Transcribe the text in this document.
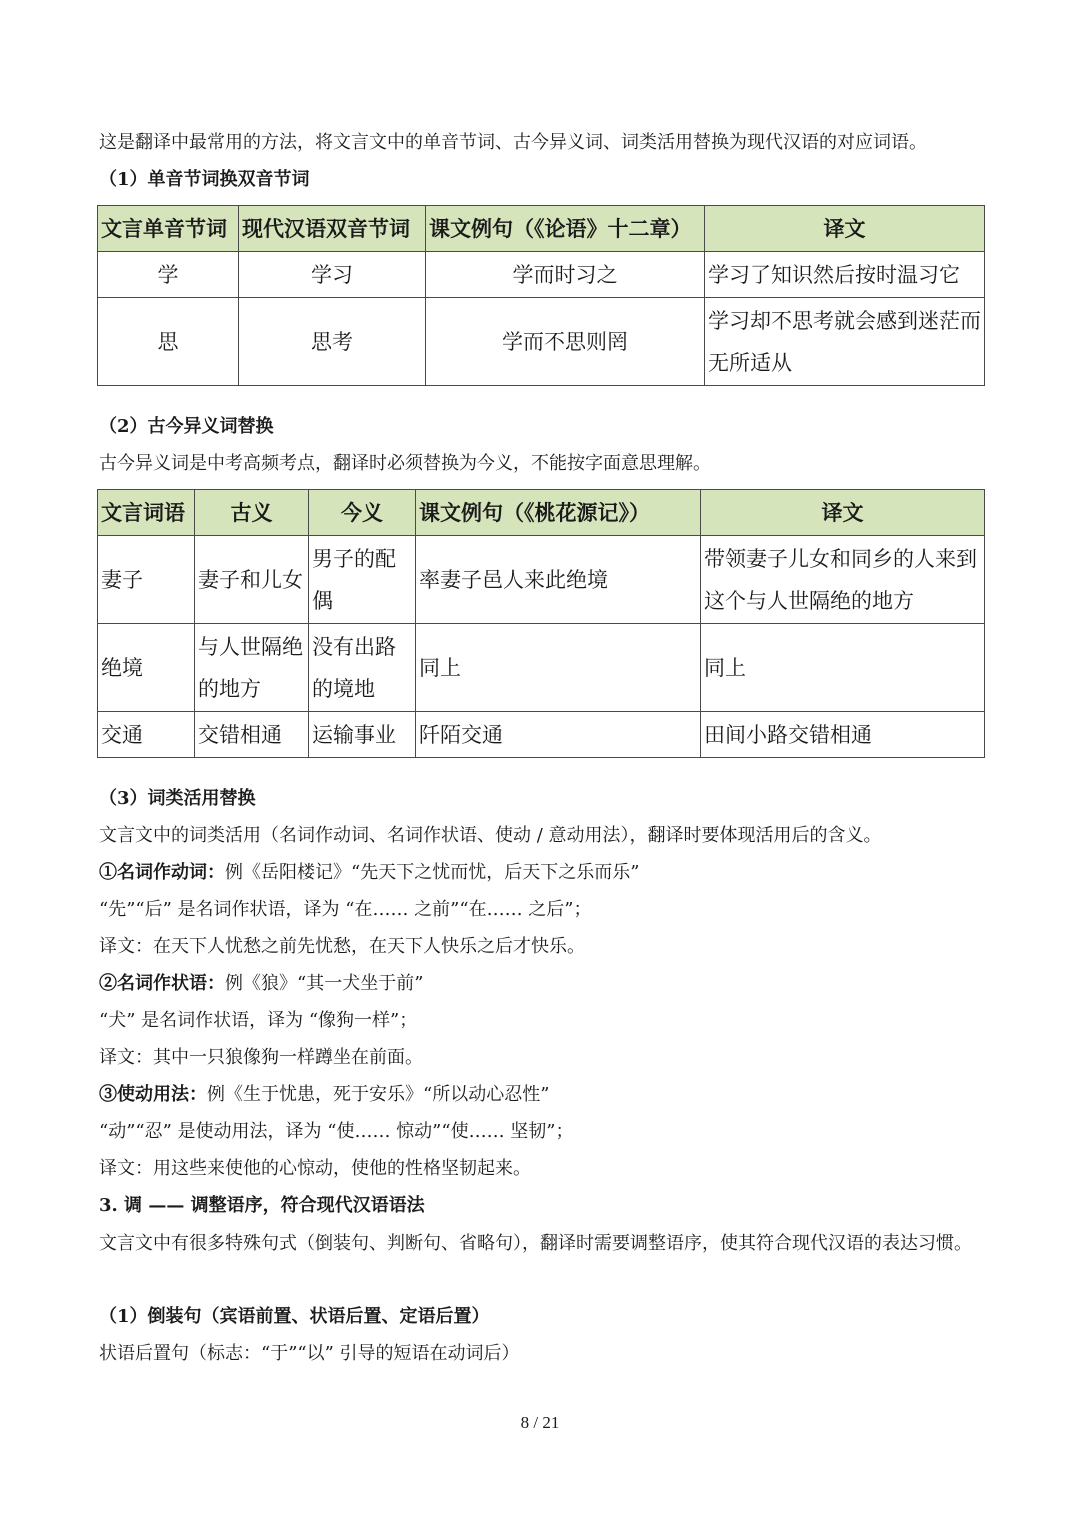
这是翻译中最常用的方法，将文言文中的单音节词、古今异义词、词类活用替换为现代汉语的对应词语。
（1）单音节词换双音节词
文言单音节词	现代汉语双音节词	课文例句（《论语》十二章）	译文
学	学习	学而时习之	学习了知识然后按时温习它
思	思考	学而不思则罔	学习却不思考就会感到迷茫而无所适从
（2）古今异义词替换
古今异义词是中考高频考点，翻译时必须替换为今义，不能按字面意思理解。
文言词语	古义	今义	课文例句（《桃花源记》）	译文
妻子	妻子和儿女	男子的配偶	率妻子邑人来此绝境	带领妻子儿女和同乡的人来到这个与人世隔绝的地方
绝境	与人世隔绝的地方	没有出路的境地	同上	同上
交通	交错相通	运输事业	阡陌交通	田间小路交错相通
（3）词类活用替换
文言文中的词类活用（名词作动词、名词作状语、使动 / 意动用法），翻译时要体现活用后的含义。
①名词作动词：例《岳阳楼记》“先天下之忧而忧，后天下之乐而乐”
“先”“后” 是名词作状语，译为 “在…… 之前”“在…… 之后”；
译文：在天下人忧愁之前先忧愁，在天下人快乐之后才快乐。
②名词作状语：例《狼》“其一犬坐于前”
“犬” 是名词作状语，译为 “像狗一样”；
译文：其中一只狼像狗一样蹲坐在前面。
③使动用法：例《生于忧患，死于安乐》“所以动心忍性”
“动”“忍” 是使动用法，译为 “使…… 惊动”“使…… 坚韧”；
译文：用这些来使他的心惊动，使他的性格坚韧起来。
3. 调 —— 调整语序，符合现代汉语语法
文言文中有很多特殊句式（倒装句、判断句、省略句），翻译时需要调整语序，使其符合现代汉语的表达习惯。
（1）倒装句（宾语前置、状语后置、定语后置）
状语后置句（标志：“于”“以” 引导的短语在动词后）
8 / 21
